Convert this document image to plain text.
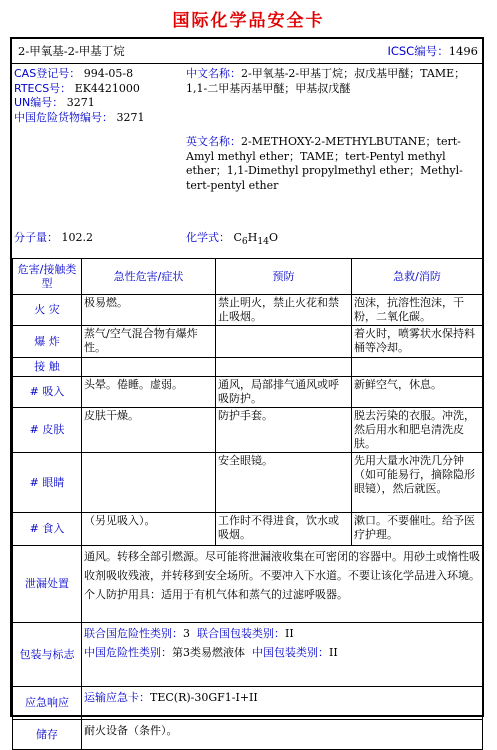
国际化学品安全卡
2-甲氧基-2-甲基丁烷	ICSC编号：1496
CAS登记号： 994-05-8
RTECS号： EK4421000
UN编号： 3271
中国危险货物编号： 3271
中文名称：2-甲氧基-2-甲基丁烷；叔戊基甲醚；TAME；1,1-二甲基丙基甲醚；甲基叔戊醚
英文名称：2-METHOXY-2-METHYLBUTANE；tert-Amyl methyl ether；TAME；tert-Pentyl methyl ether；1,1-Dimethyl propylmethyl ether；Methyl-tert-pentyl ether
分子量： 102.2	化学式： $C_6H_{14}O$
危害/接触类型	急性危害/症状	预防	急救/消防
火 灾	极易燃。	禁止明火，禁止火花和禁止吸烟。	泡沫，抗溶性泡沫，干粉，二氧化碳。
爆 炸	蒸气/空气混合物有爆炸性。		着火时，喷雾状水保持料桶等冷却。
接 触			
# 吸入	头晕。倦睡。虚弱。	通风，局部排气通风或呼吸防护。	新鲜空气，休息。
# 皮肤	皮肤干燥。	防护手套。	脱去污染的衣服。冲洗，然后用水和肥皂清洗皮肤。
# 眼睛		安全眼镜。	先用大量水冲洗几分钟（如可能易行，摘除隐形眼镜），然后就医。
# 食入	（另见吸入）。	工作时不得进食，饮水或吸烟。	漱口。不要催吐。给予医疗护理。
泄漏处置	通风。转移全部引燃源。尽可能将泄漏液收集在可密闭的容器中。用砂土或惰性吸收剂吸收残液，并转移到安全场所。不要冲入下水道。不要让该化学品进入环境。个人防护用具：适用于有机气体和蒸气的过滤呼吸器。		
包装与标志	联合国危险性类别：3 联合国包装类别：II
中国危险性类别：第3类易燃液体 中国包装类别：II		

应急响应	运输应急卡：TEC(R)-30GF1-I+II		
储存	耐火设备（条件）。		
